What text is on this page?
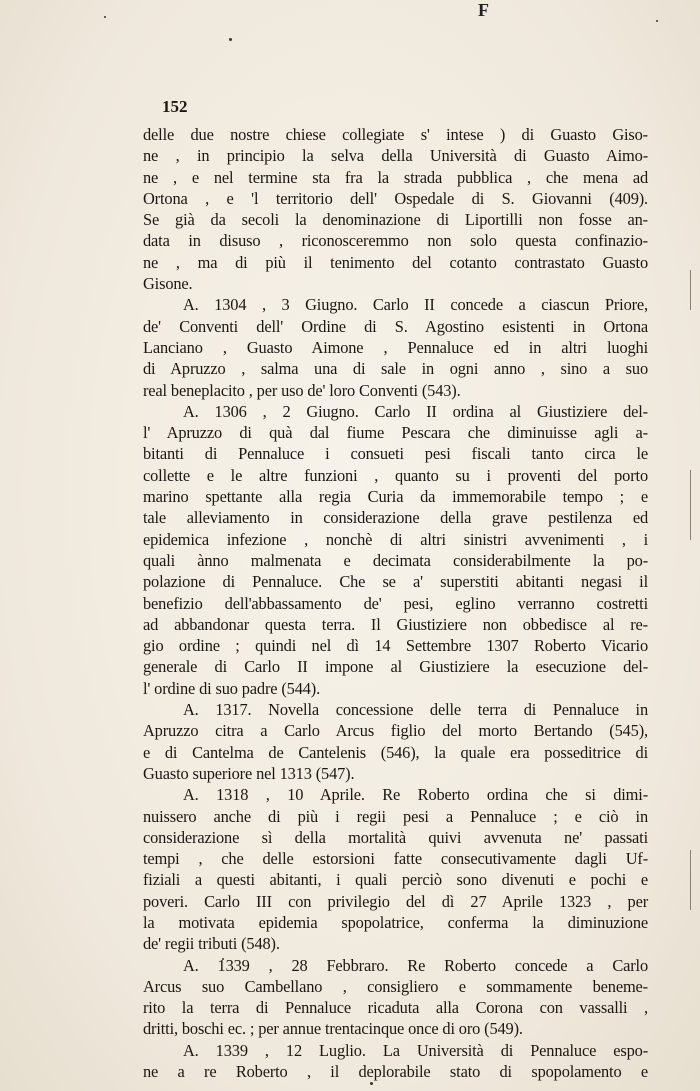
F
152
delle due nostre chiese collegiate s' intese ) di Guasto Giso-
ne , in principio la selva della Università di Guasto Aimo-
ne , e nel termine sta fra la strada pubblica , che mena ad
Ortona , e 'l territorio dell' Ospedale di S. Giovanni (409).
Se già da secoli la denominazione di Liportilli non fosse an-
data in disuso , riconosceremmo non solo questa confinazio-
ne , ma di più il tenimento del cotanto contrastato Guasto
Gisone.
A. 1304 , 3 Giugno. Carlo II concede a ciascun Priore,
de' Conventi dell' Ordine di S. Agostino esistenti in Ortona
Lanciano , Guasto Aimone , Pennaluce ed in altri luoghi
di Apruzzo , salma una di sale in ogni anno , sino a suo
real beneplacito , per uso de' loro Conventi (543).
A. 1306 , 2 Giugno. Carlo II ordina al Giustiziere del-
l' Apruzzo di quà dal fiume Pescara che diminuisse agli a-
bitanti di Pennaluce i consueti pesi fiscali tanto circa le
collette e le altre funzioni , quanto su i proventi del porto
marino spettante alla regia Curia da immemorabile tempo ; e
tale alleviamento in considerazione della grave pestilenza ed
epidemica infezione , nonchè di altri sinistri avvenimenti , i
quali ànno malmenata e decimata considerabilmente la po-
polazione di Pennaluce. Che se a' superstiti abitanti negasi il
benefizio dell'abbassamento de' pesi, eglino verranno costretti
ad abbandonar questa terra. Il Giustiziere non obbedisce al re-
gio ordine ; quindi nel dì 14 Settembre 1307 Roberto Vicario
generale di Carlo II impone al Giustiziere la esecuzione del-
l' ordine di suo padre (544).
A. 1317. Novella concessione delle terra di Pennaluce in
Apruzzo citra a Carlo Arcus figlio del morto Bertando (545),
e di Cantelma de Cantelenis (546), la quale era posseditrice di
Guasto superiore nel 1313 (547).
A. 1318 , 10 Aprile. Re Roberto ordina che si dimi-
nuissero anche di più i regii pesi a Pennaluce ; e ciò in
considerazione sì della mortalità quivi avvenuta ne' passati
tempi , che delle estorsioni fatte consecutivamente dagli Uf-
fiziali a questi abitanti, i quali perciò sono divenuti e pochi e
poveri. Carlo III con privilegio del dì 27 Aprile 1323 , per
la motivata epidemia spopolatrice, conferma la diminuzione
de' regii tributi (548).
A. 1339 , 28 Febbraro. Re Roberto concede a Carlo
Arcus suo Cambellano , consigliero e sommamente beneme-
rito la terra di Pennaluce ricaduta alla Corona con vassalli ,
dritti, boschi ec. ; per annue trentacinque once di oro (549).
A. 1339 , 12 Luglio. La Università di Pennaluce espo-
ne a re Roberto , il deplorabile stato di spopolamento e
